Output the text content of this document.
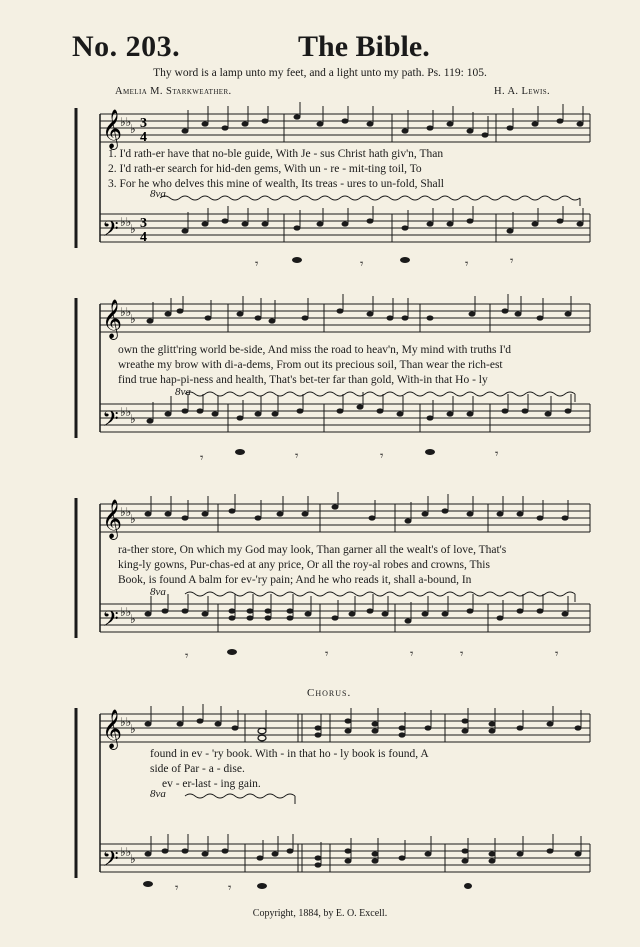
No. 203.	The Bible.
Thy word is a lamp unto my feet, and a light unto my path. Ps. 119: 105.
Amelia M. Starkweather.	H. A. Lewis.
𝄞
𝄢
♭♭
♭
♭♭
♭
3
4
3
4
𝄾	𝄾	𝄾	𝄾
8va
1. I'd rath-er have that no-ble guide, With Je - sus Christ hath giv'n, Than
2. I'd rath-er search for hid-den gems, With un - re - mit-ting toil, To
3. For he who delves this mine of wealth, Its treas - ures to un-fold, Shall
𝄞
𝄢
♭♭
♭
♭♭
♭
𝄾	𝄾	𝄾	𝄾
8va
own the glitt'ring world be-side, And miss the road to heav'n, My mind with truths I'd
wreathe my brow with di-a-dems, From out its precious soil, Than wear the rich-est
find true hap-pi-ness and health, That's bet-ter far than gold, With-in that Ho - ly
𝄞
𝄢
♭♭
♭
♭♭
♭
𝄾	𝄾	𝄾	𝄾	𝄾
8va
ra-ther store, On which my God may look, Than garner all the wealt's of love, That's
king-ly gowns, Pur-chas-ed at any price, Or all the roy-al robes and crowns, This
Book, is found A balm for ev-'ry pain; And he who reads it, shall a-bound, In
Chorus.
𝄞
𝄢
♭♭
♭
♭♭
♭
𝄾	𝄾
8va
found in ev - 'ry book. With - in that ho - ly book is found, A
side of Par - a - dise.
ev - er-last - ing gain.
Copyright, 1884, by E. O. Excell.
